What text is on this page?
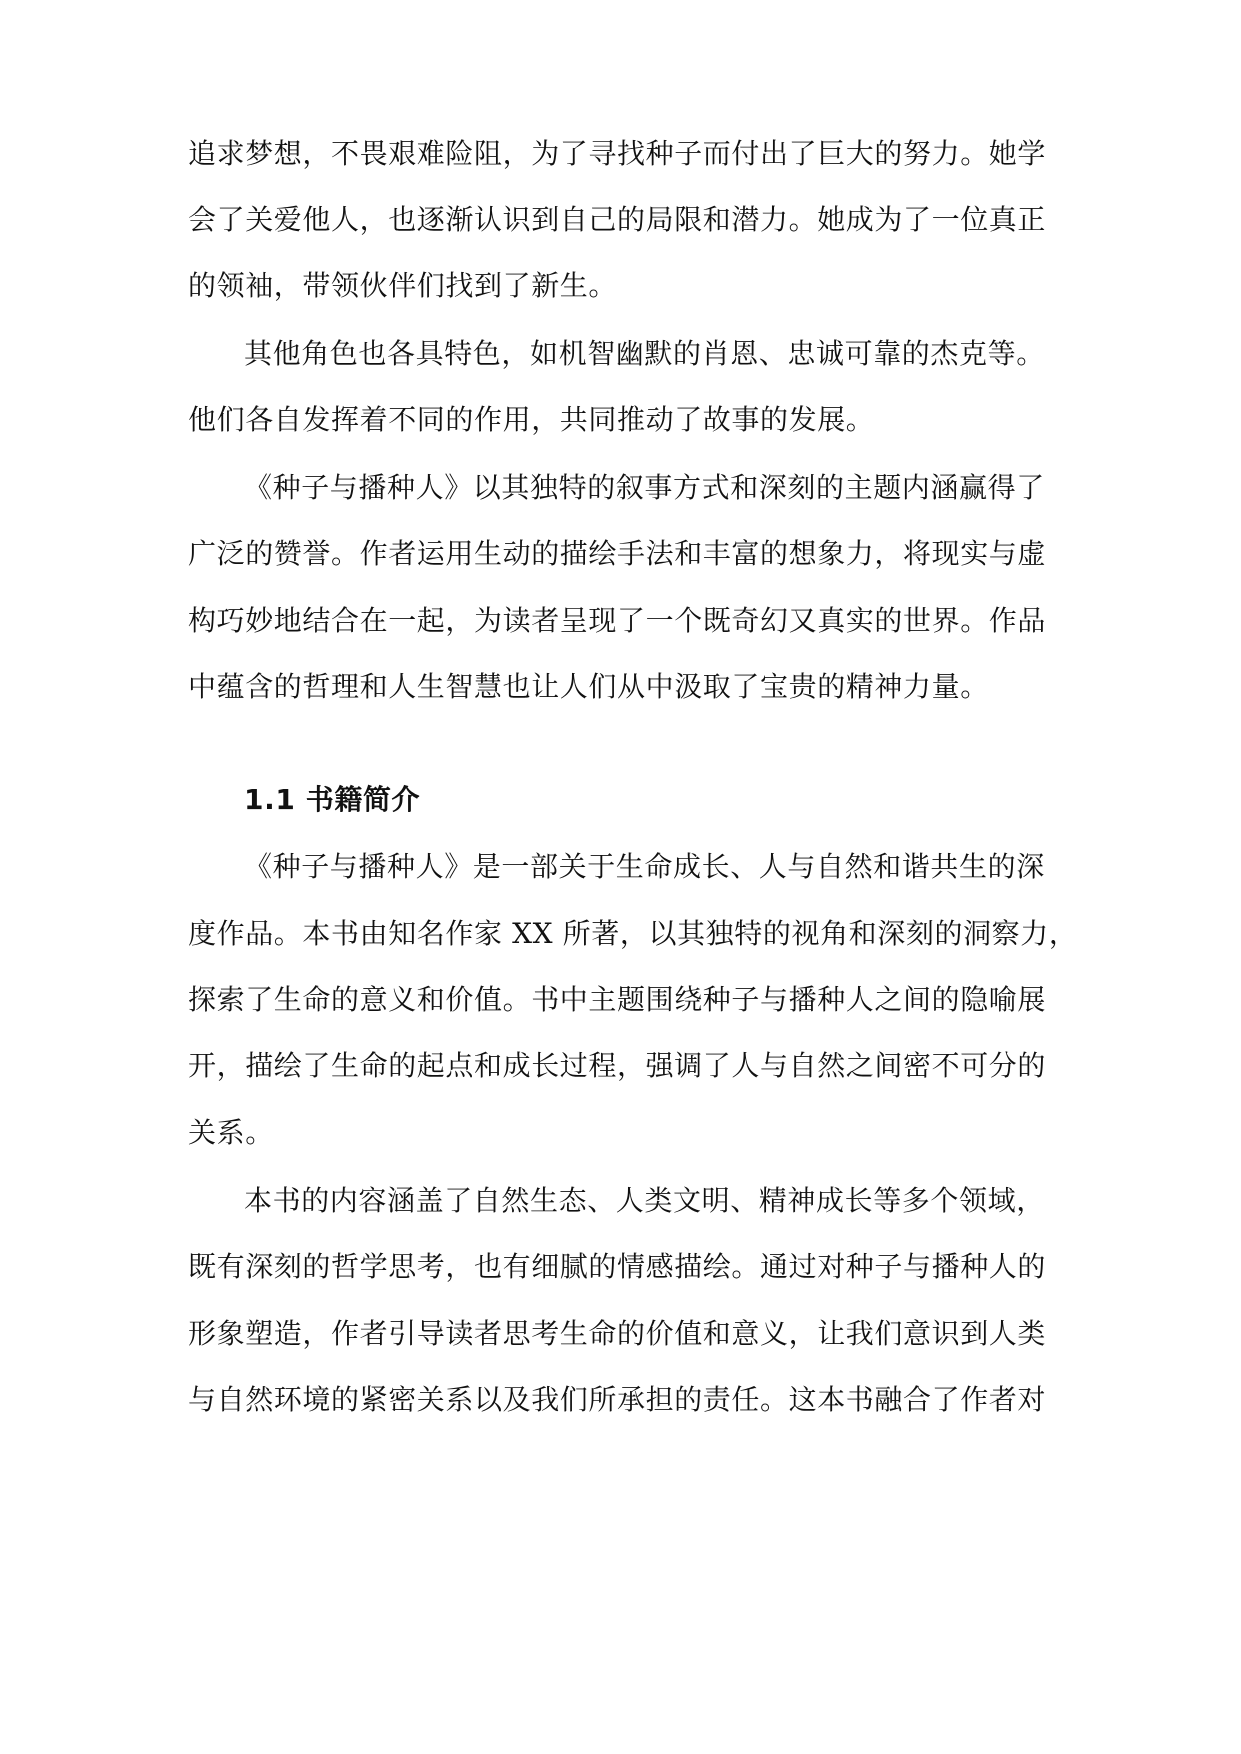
追求梦想，不畏艰难险阻，为了寻找种子而付出了巨大的努力。她学
会了关爱他人，也逐渐认识到自己的局限和潜力。她成为了一位真正
的领袖，带领伙伴们找到了新生。
其他角色也各具特色，如机智幽默的肖恩、忠诚可靠的杰克等。
他们各自发挥着不同的作用，共同推动了故事的发展。
《种子与播种人》以其独特的叙事方式和深刻的主题内涵赢得了
广泛的赞誉。作者运用生动的描绘手法和丰富的想象力，将现实与虚
构巧妙地结合在一起，为读者呈现了一个既奇幻又真实的世界。作品
中蕴含的哲理和人生智慧也让人们从中汲取了宝贵的精神力量。
1.1 书籍简介
《种子与播种人》是一部关于生命成长、人与自然和谐共生的深
度作品。本书由知名作家 XX 所著，以其独特的视角和深刻的洞察力，
探索了生命的意义和价值。书中主题围绕种子与播种人之间的隐喻展
开，描绘了生命的起点和成长过程，强调了人与自然之间密不可分的
关系。
本书的内容涵盖了自然生态、人类文明、精神成长等多个领域，
既有深刻的哲学思考，也有细腻的情感描绘。通过对种子与播种人的
形象塑造，作者引导读者思考生命的价值和意义，让我们意识到人类
与自然环境的紧密关系以及我们所承担的责任。这本书融合了作者对
